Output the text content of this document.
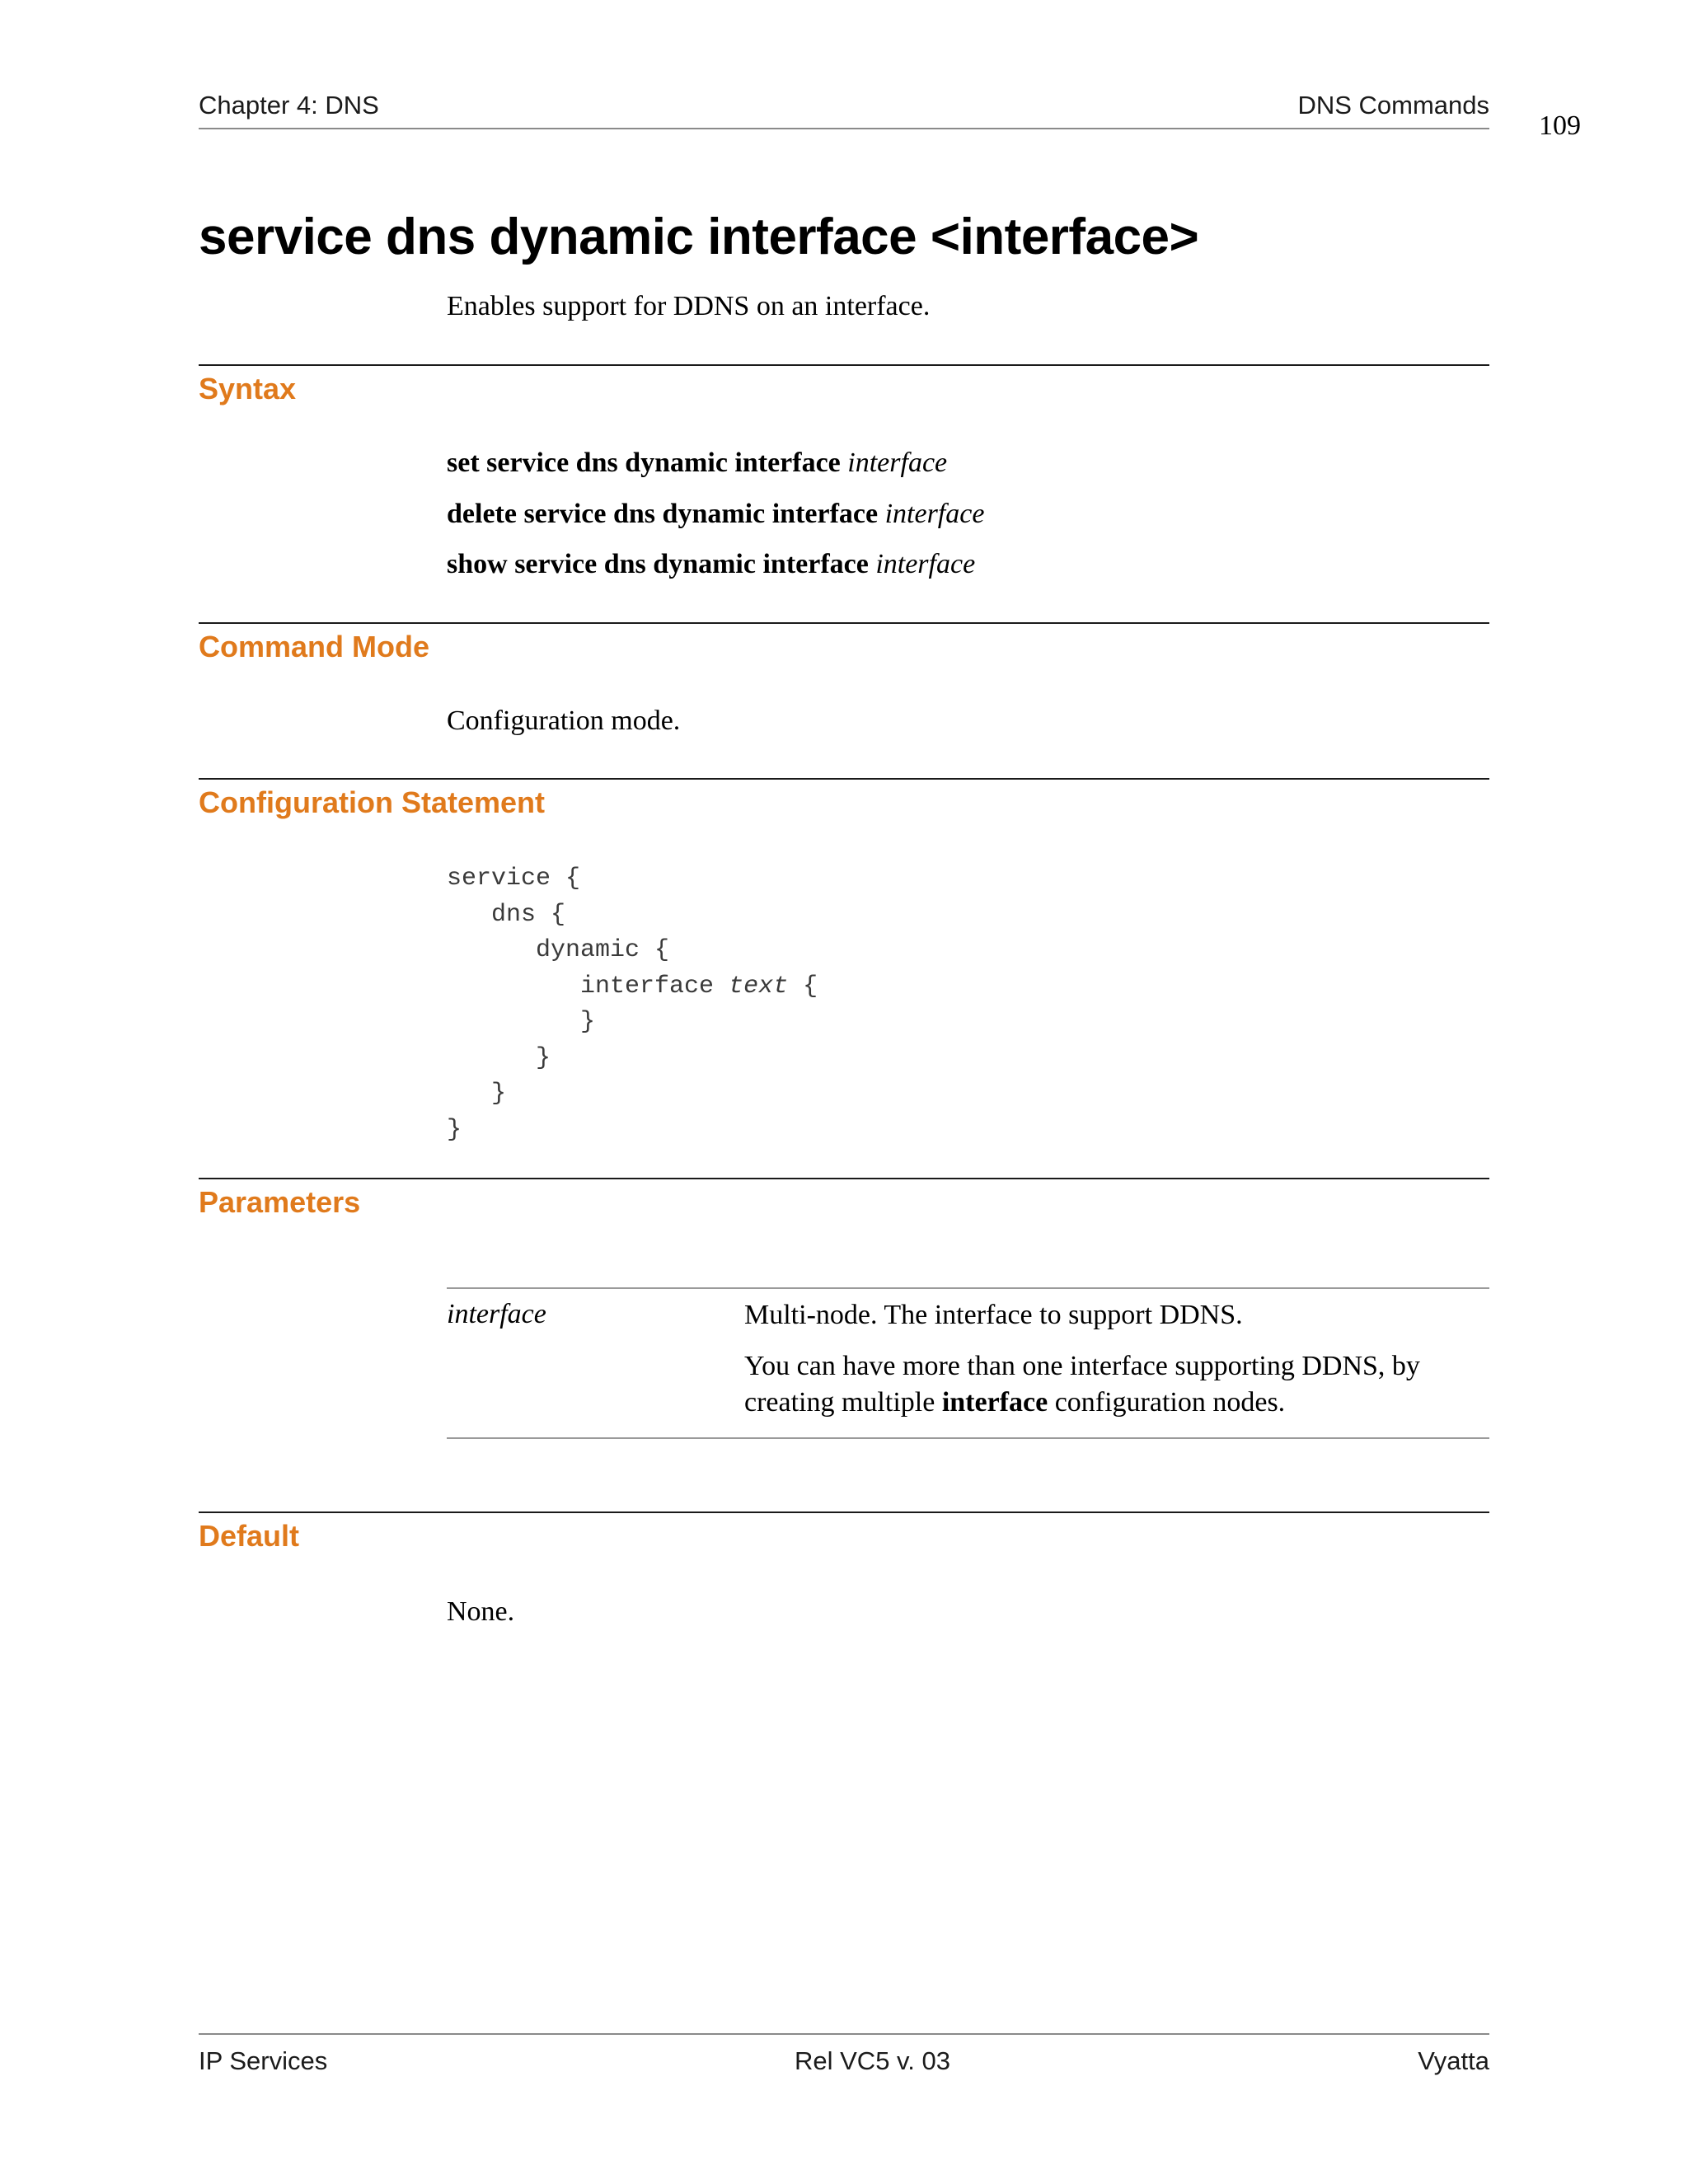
Chapter 4: DNS	DNS Commands
109
service dns dynamic interface <interface>
Enables support for DDNS on an interface.
Syntax
set service dns dynamic interface interface
delete service dns dynamic interface interface
show service dns dynamic interface interface
Command Mode
Configuration mode.
Configuration Statement
service {
dns {
dynamic {
interface text {
}
}
}
}
Parameters
interface	Multi-node. The interface to support DDNS.
You can have more than one interface supporting DDNS, by
creating multiple interface configuration nodes.
Default
None.
IP Services	Rel VC5 v. 03	Vyatta
